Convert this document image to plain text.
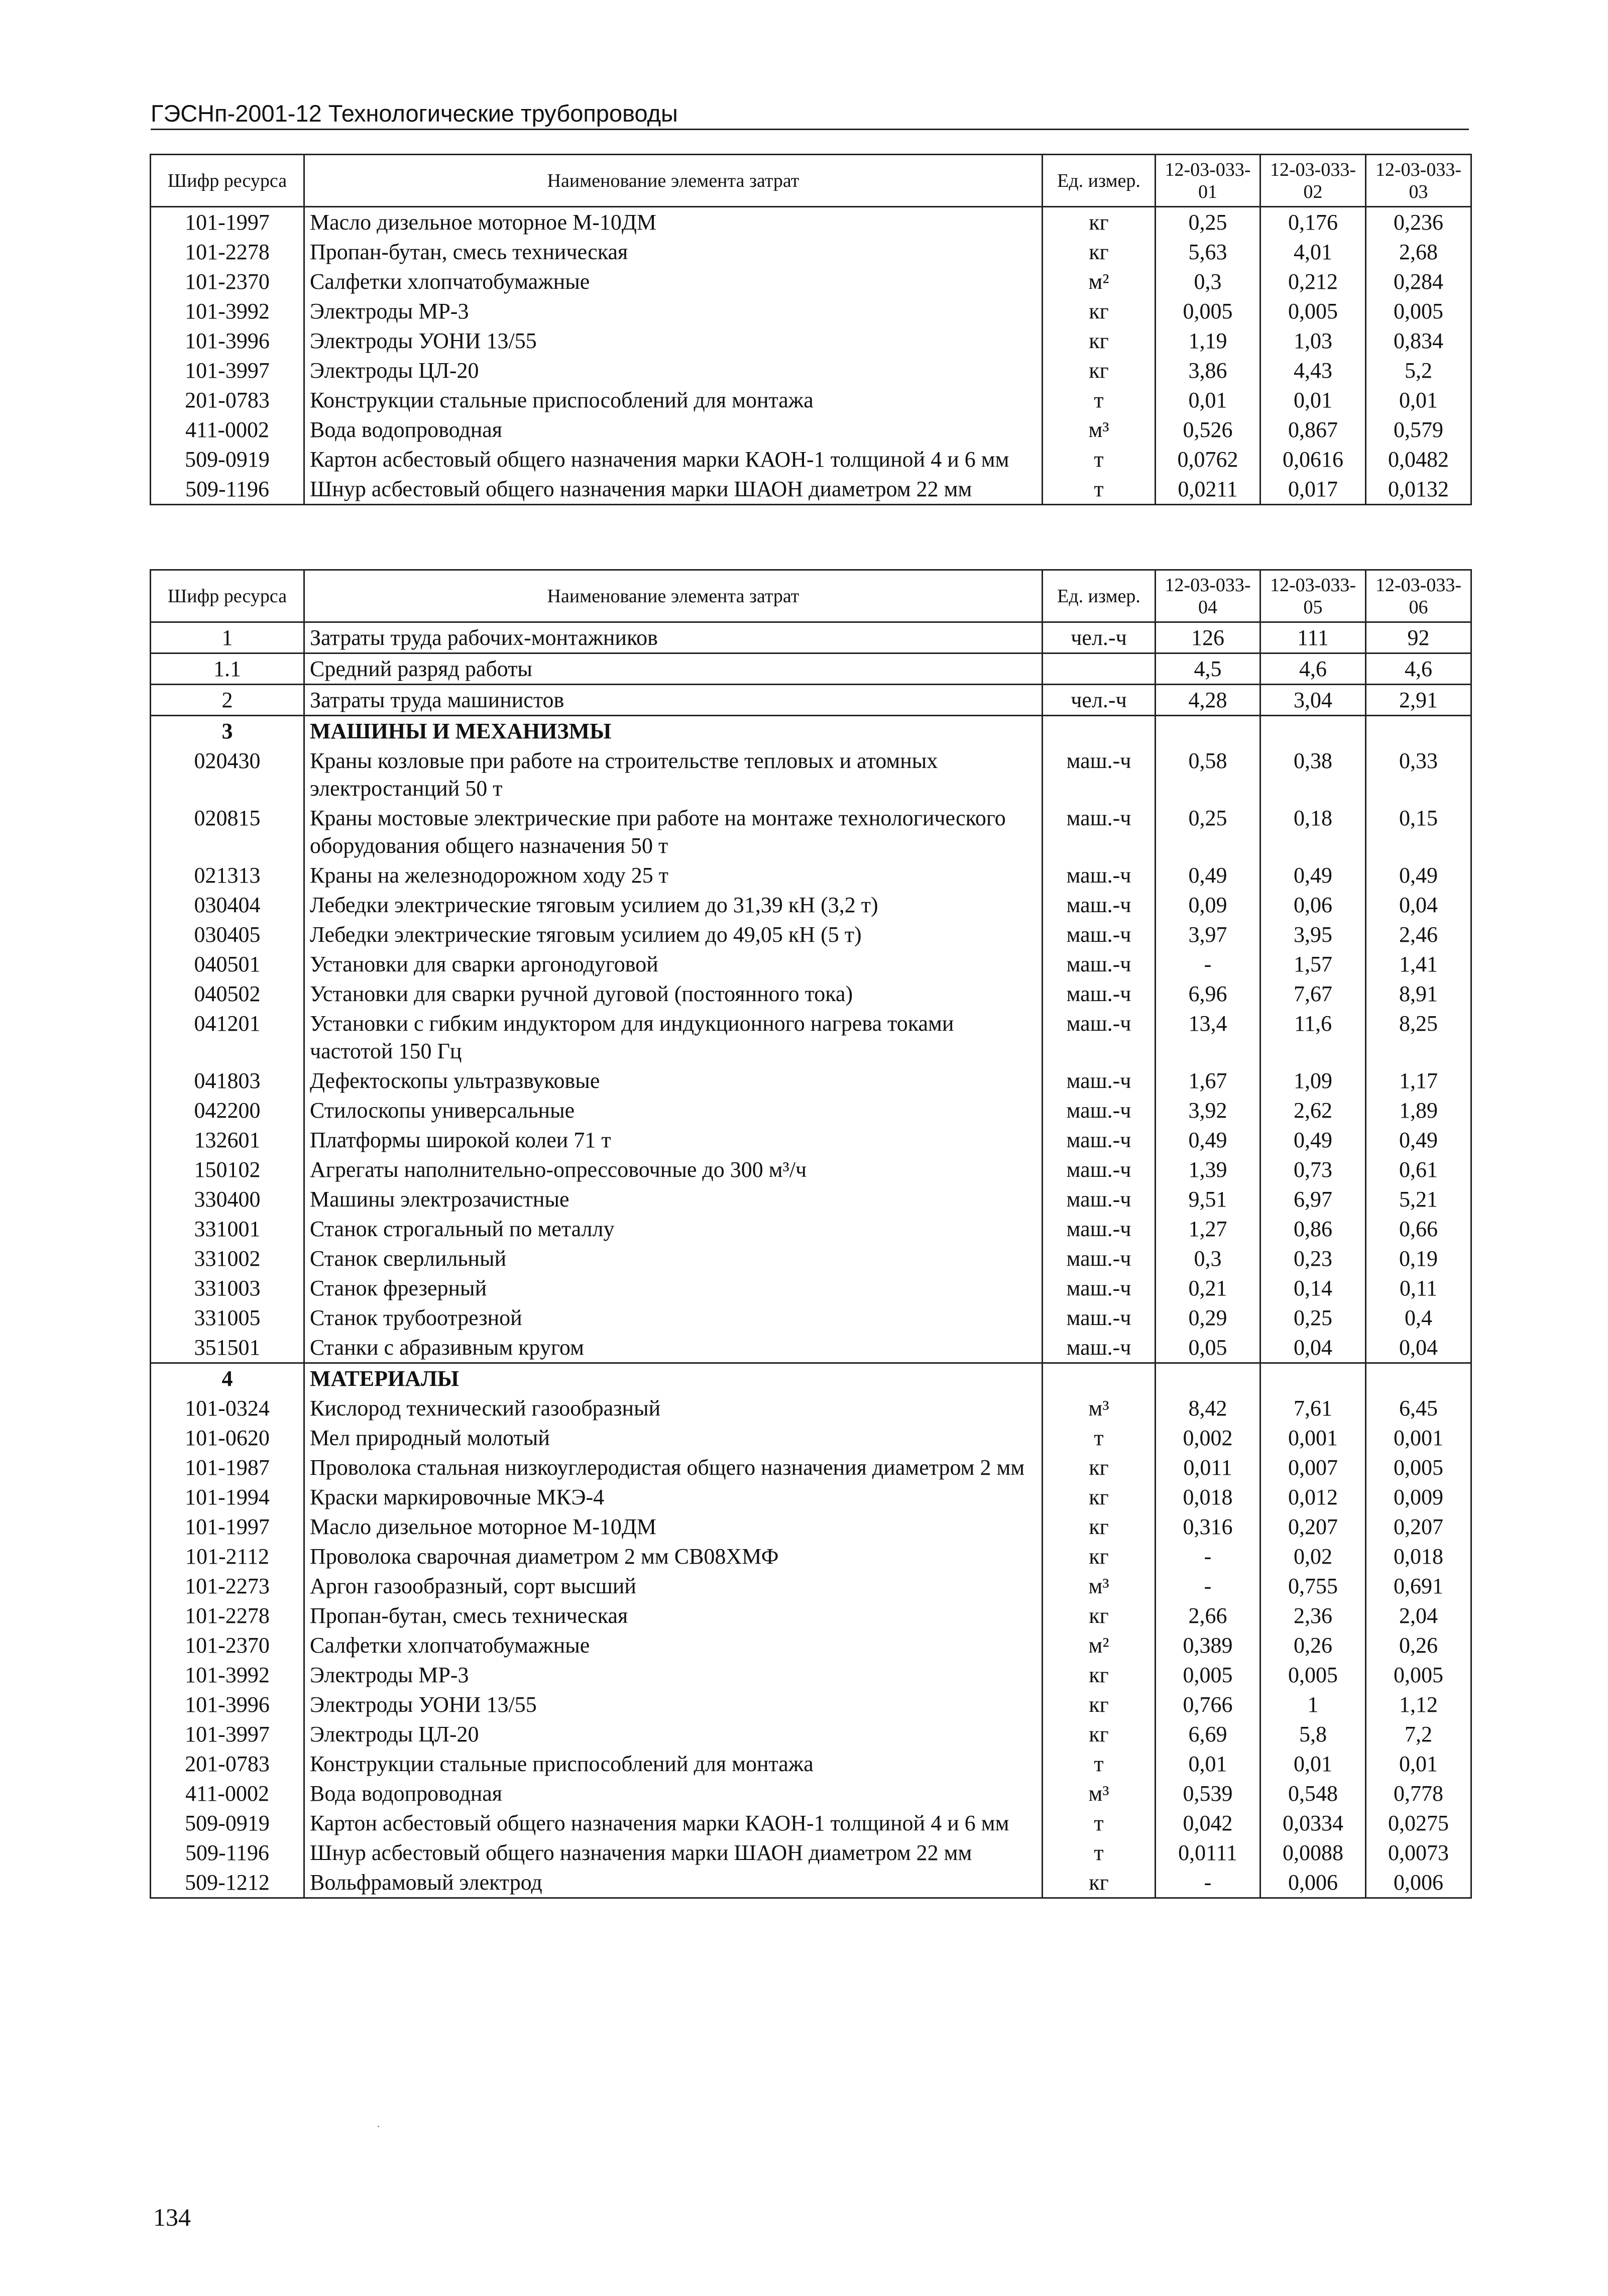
ГЭСНп-2001-12 Технологические трубопроводы
Шифр ресурса	Наименование элемента затрат	Ед. измер.	12-03-033-01	12-03-033-02	12-03-033-03
101-1997	Масло дизельное моторное М-10ДМ	кг	0,25	0,176	0,236
101-2278	Пропан-бутан, смесь техническая	кг	5,63	4,01	2,68
101-2370	Салфетки хлопчатобумажные	м²	0,3	0,212	0,284
101-3992	Электроды МР-3	кг	0,005	0,005	0,005
101-3996	Электроды УОНИ 13/55	кг	1,19	1,03	0,834
101-3997	Электроды ЦЛ-20	кг	3,86	4,43	5,2
201-0783	Конструкции стальные приспособлений для монтажа	т	0,01	0,01	0,01
411-0002	Вода водопроводная	м³	0,526	0,867	0,579
509-0919	Картон асбестовый общего назначения марки КАОН-1 толщиной 4 и 6 мм	т	0,0762	0,0616	0,0482
509-1196	Шнур асбестовый общего назначения марки ШАОН диаметром 22 мм	т	0,0211	0,017	0,0132
Шифр ресурса	Наименование элемента затрат	Ед. измер.	12-03-033-04	12-03-033-05	12-03-033-06
1	Затраты труда рабочих-монтажников	чел.-ч	126	111	92
1.1	Средний разряд работы		4,5	4,6	4,6
2	Затраты труда машинистов	чел.-ч	4,28	3,04	2,91
3	МАШИНЫ И МЕХАНИЗМЫ				
020430	Краны козловые при работе на строительстве тепловых и атомных электростанций 50 т	маш.-ч	0,58	0,38	0,33
020815	Краны мостовые электрические при работе на монтаже технологического оборудования общего назначения 50 т	маш.-ч	0,25	0,18	0,15
021313	Краны на железнодорожном ходу 25 т	маш.-ч	0,49	0,49	0,49
030404	Лебедки электрические тяговым усилием до 31,39 кН (3,2 т)	маш.-ч	0,09	0,06	0,04
030405	Лебедки электрические тяговым усилием до 49,05 кН (5 т)	маш.-ч	3,97	3,95	2,46
040501	Установки для сварки аргонодуговой	маш.-ч	-	1,57	1,41
040502	Установки для сварки ручной дуговой (постоянного тока)	маш.-ч	6,96	7,67	8,91
041201	Установки с гибким индуктором для индукционного нагрева токами частотой 150 Гц	маш.-ч	13,4	11,6	8,25
041803	Дефектоскопы ультразвуковые	маш.-ч	1,67	1,09	1,17
042200	Стилоскопы универсальные	маш.-ч	3,92	2,62	1,89
132601	Платформы широкой колеи 71 т	маш.-ч	0,49	0,49	0,49
150102	Агрегаты наполнительно-опрессовочные до 300 м³/ч	маш.-ч	1,39	0,73	0,61
330400	Машины электрозачистные	маш.-ч	9,51	6,97	5,21
331001	Станок строгальный по металлу	маш.-ч	1,27	0,86	0,66
331002	Станок сверлильный	маш.-ч	0,3	0,23	0,19
331003	Станок фрезерный	маш.-ч	0,21	0,14	0,11
331005	Станок трубоотрезной	маш.-ч	0,29	0,25	0,4
351501	Станки с абразивным кругом	маш.-ч	0,05	0,04	0,04
4	МАТЕРИАЛЫ				
101-0324	Кислород технический газообразный	м³	8,42	7,61	6,45
101-0620	Мел природный молотый	т	0,002	0,001	0,001
101-1987	Проволока стальная низкоуглеродистая общего назначения диаметром 2 мм	кг	0,011	0,007	0,005
101-1994	Краски маркировочные МКЭ-4	кг	0,018	0,012	0,009
101-1997	Масло дизельное моторное М-10ДМ	кг	0,316	0,207	0,207
101-2112	Проволока сварочная диаметром 2 мм СВ08ХМФ	кг	-	0,02	0,018
101-2273	Аргон газообразный, сорт высший	м³	-	0,755	0,691
101-2278	Пропан-бутан, смесь техническая	кг	2,66	2,36	2,04
101-2370	Салфетки хлопчатобумажные	м²	0,389	0,26	0,26
101-3992	Электроды МР-3	кг	0,005	0,005	0,005
101-3996	Электроды УОНИ 13/55	кг	0,766	1	1,12
101-3997	Электроды ЦЛ-20	кг	6,69	5,8	7,2
201-0783	Конструкции стальные приспособлений для монтажа	т	0,01	0,01	0,01
411-0002	Вода водопроводная	м³	0,539	0,548	0,778
509-0919	Картон асбестовый общего назначения марки КАОН-1 толщиной 4 и 6 мм	т	0,042	0,0334	0,0275
509-1196	Шнур асбестовый общего назначения марки ШАОН диаметром 22 мм	т	0,0111	0,0088	0,0073
509-1212	Вольфрамовый электрод	кг	-	0,006	0,006
134
